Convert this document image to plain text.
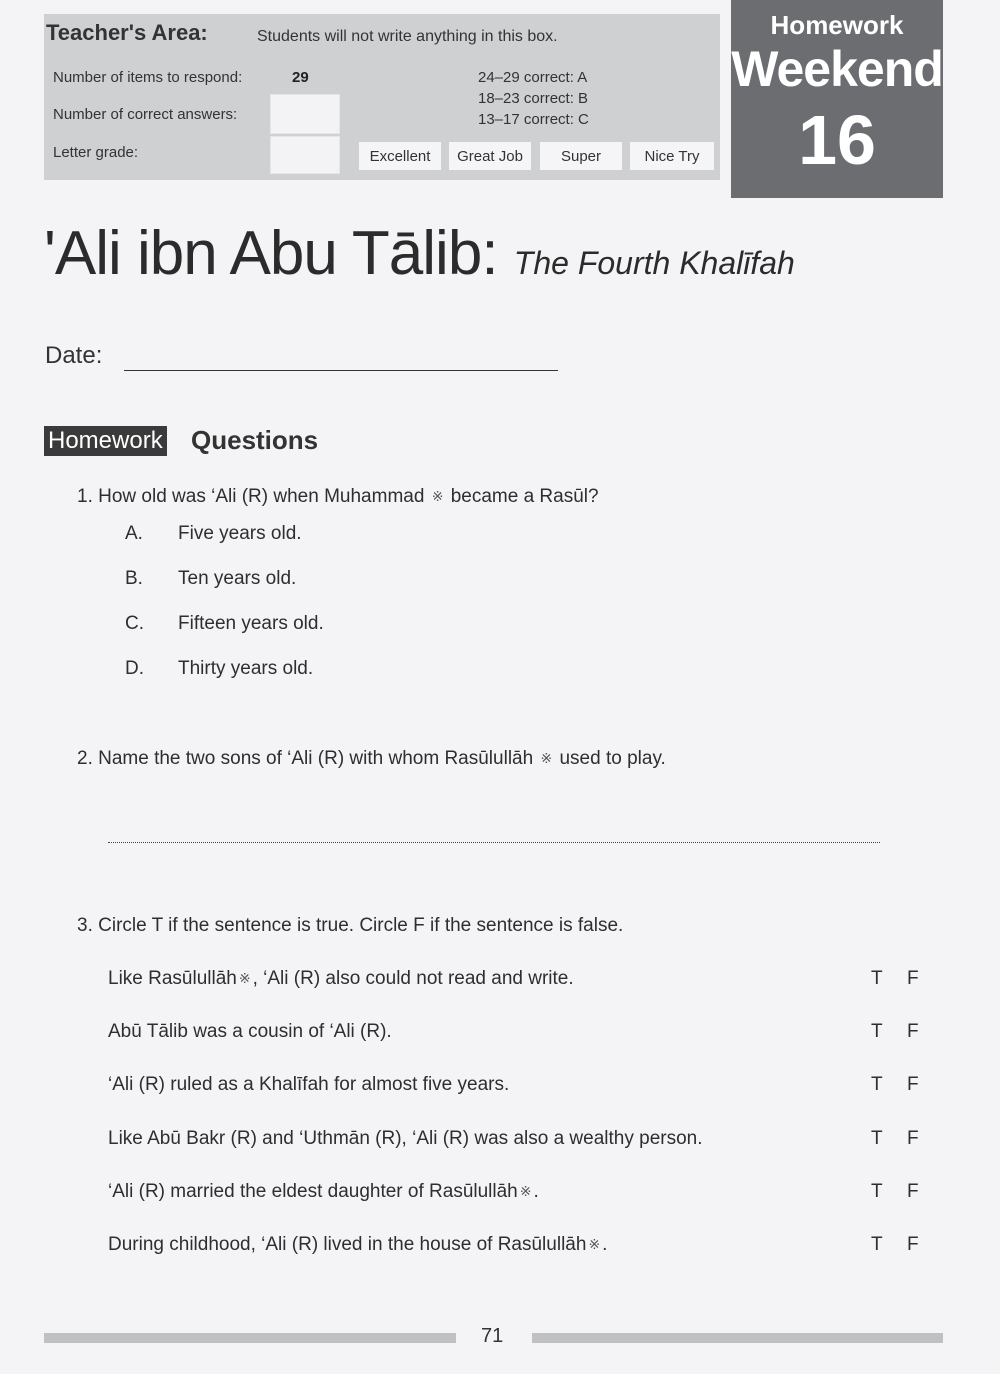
Teacher's Area:	Students will not write anything in this box.
Number of items to respond:	29
Number of correct answers:
Letter grade:
24–29 correct: A
18–23 correct: B
13–17 correct: C
Excellent	Great Job	Super	Nice Try
Homework
Weekend
16
'Ali ibn Abu Tālib: The Fourth Khalīfah
Date:
Homework Questions
1. How old was ‘Ali (R) when Muhammad ※ became a Rasūl?
A. Five years old.
B. Ten years old.
C. Fifteen years old.
D. Thirty years old.
2. Name the two sons of ‘Ali (R) with whom Rasūlullāh ※ used to play.
3. Circle T if the sentence is true. Circle F if the sentence is false.
Like Rasūlullāh ※ , ‘Ali (R) also could not read and write.	T F
Abū Tālib was a cousin of ‘Ali (R).	T F
‘Ali (R) ruled as a Khalīfah for almost five years.	T F
Like Abū Bakr (R) and ‘Uthmān (R), ‘Ali (R) was also a wealthy person.	T F
‘Ali (R) married the eldest daughter of Rasūlullāh ※ .	T F
During childhood, ‘Ali (R) lived in the house of Rasūlullāh ※ .	T F
71
